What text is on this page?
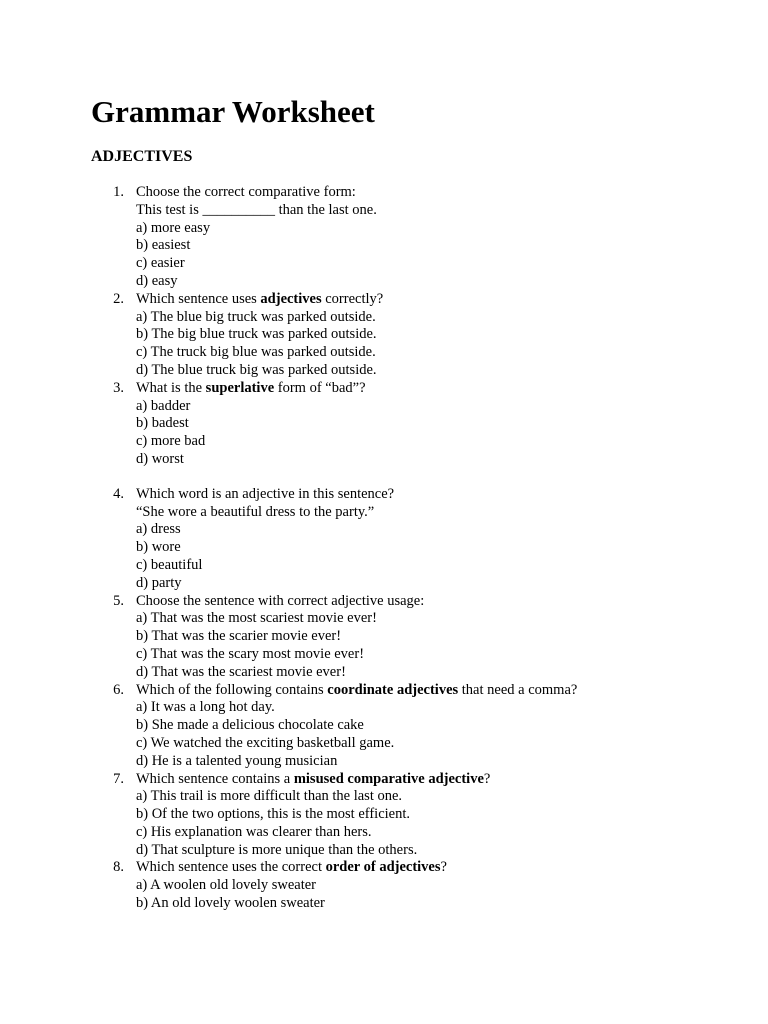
Grammar Worksheet
ADJECTIVES
1. Choose the correct comparative form:
This test is __________ than the last one.
a) more easy
b) easiest
c) easier
d) easy
2. Which sentence uses adjectives correctly?
a) The blue big truck was parked outside.
b) The big blue truck was parked outside.
c) The truck big blue was parked outside.
d) The blue truck big was parked outside.
3. What is the superlative form of “bad”?
a) badder
b) badest
c) more bad
d) worst
4. Which word is an adjective in this sentence?
“She wore a beautiful dress to the party.”
a) dress
b) wore
c) beautiful
d) party
5. Choose the sentence with correct adjective usage:
a) That was the most scariest movie ever!
b) That was the scarier movie ever!
c) That was the scary most movie ever!
d) That was the scariest movie ever!
6. Which of the following contains coordinate adjectives that need a comma?
a) It was a long hot day.
b) She made a delicious chocolate cake
c) We watched the exciting basketball game.
d) He is a talented young musician
7. Which sentence contains a misused comparative adjective?
a) This trail is more difficult than the last one.
b) Of the two options, this is the most efficient.
c) His explanation was clearer than hers.
d) That sculpture is more unique than the others.
8. Which sentence uses the correct order of adjectives?
a) A woolen old lovely sweater
b) An old lovely woolen sweater
